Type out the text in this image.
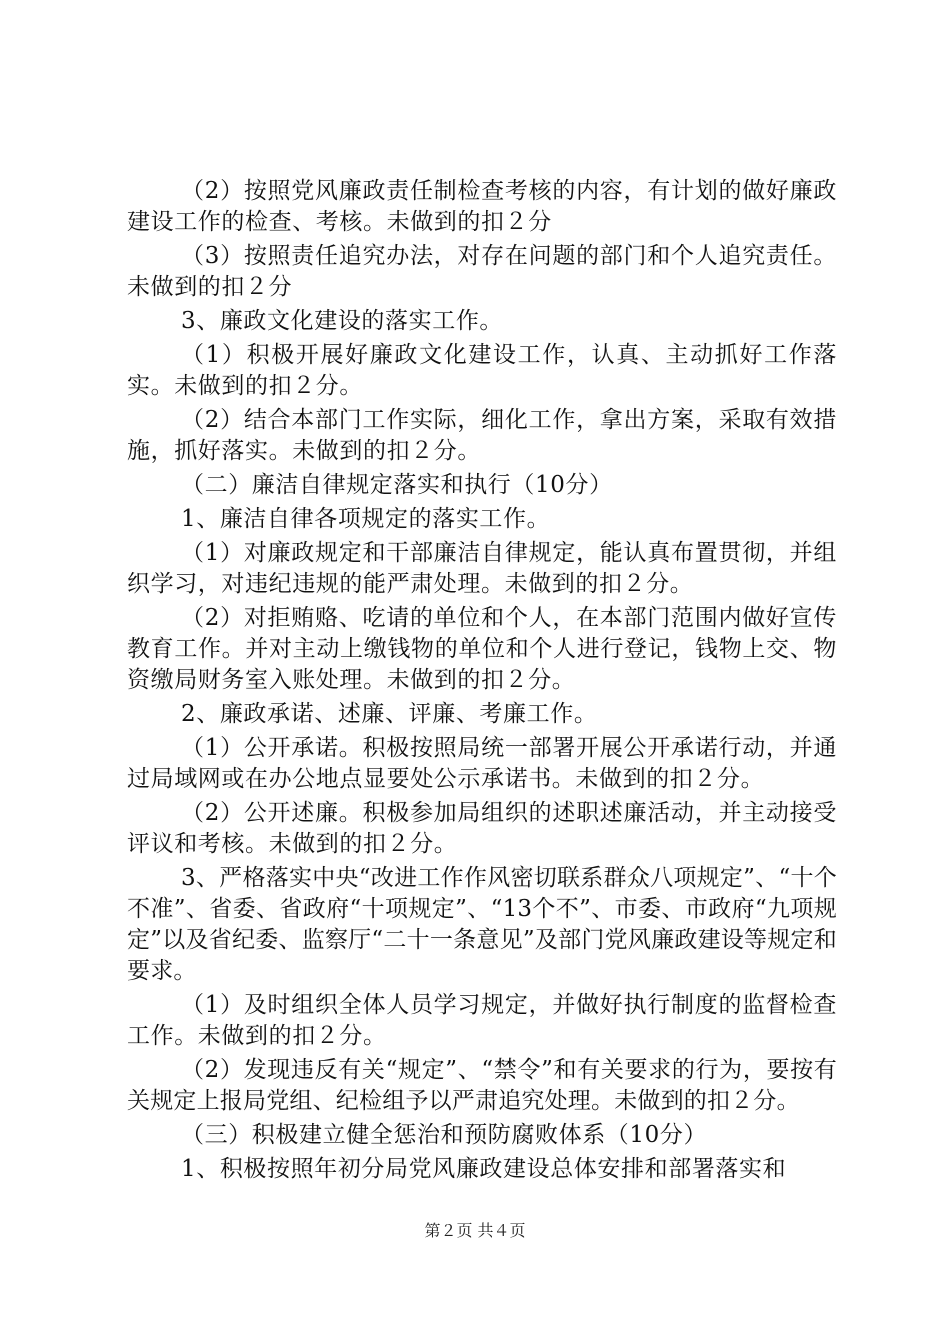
（2）按照党风廉政责任制检查考核的内容，有计划的做好廉政建设工作的检查、考核。未做到的扣２分

（3）按照责任追究办法，对存在问题的部门和个人追究责任。未做到的扣２分

3、廉政文化建设的落实工作。

（1）积极开展好廉政文化建设工作，认真、主动抓好工作落实。未做到的扣２分。

（2）结合本部门工作实际，细化工作，拿出方案，采取有效措施，抓好落实。未做到的扣２分。

（二）廉洁自律规定落实和执行（10分）

1、廉洁自律各项规定的落实工作。

（1）对廉政规定和干部廉洁自律规定，能认真布置贯彻，并组织学习，对违纪违规的能严肃处理。未做到的扣２分。

（2）对拒贿赂、吃请的单位和个人，在本部门范围内做好宣传教育工作。并对主动上缴钱物的单位和个人进行登记，钱物上交、物资缴局财务室入账处理。未做到的扣２分。

2、廉政承诺、述廉、评廉、考廉工作。

（1）公开承诺。积极按照局统一部署开展公开承诺行动，并通过局域网或在办公地点显要处公示承诺书。未做到的扣２分。

（2）公开述廉。积极参加局组织的述职述廉活动，并主动接受评议和考核。未做到的扣２分。

3、严格落实中央“改进工作作风密切联系群众八项规定”、“十个不准”、省委、省政府“十项规定”、“13个不”、市委、市政府“九项规定”以及省纪委、监察厅“二十一条意见”及部门党风廉政建设等规定和要求。

（1）及时组织全体人员学习规定，并做好执行制度的监督检查工作。未做到的扣２分。

（2）发现违反有关“规定”、“禁令”和有关要求的行为，要按有关规定上报局党组、纪检组予以严肃追究处理。未做到的扣２分。

（三）积极建立健全惩治和预防腐败体系（10分）

1、积极按照年初分局党风廉政建设总体安排和部署落实和

第２页 共４页
